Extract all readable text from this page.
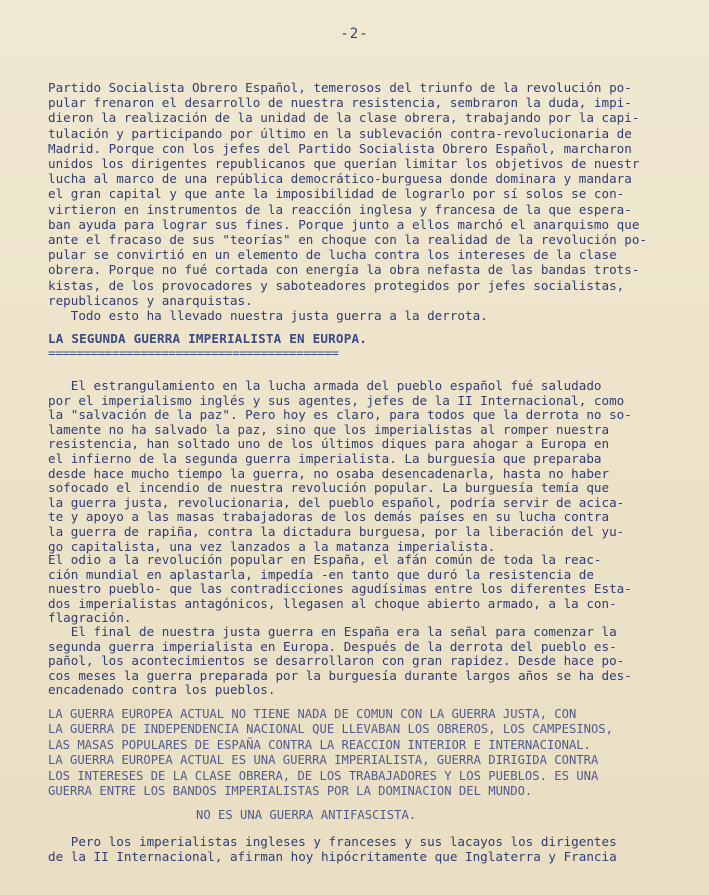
-2-
Partido Socialista Obrero Español, temerosos del triunfo de la revolución po-
pular frenaron el desarrollo de nuestra resistencia, sembraron la duda, impi-
dieron la realización de la unidad de la clase obrera, trabajando por la capi-
tulación y participando por último en la sublevación contra-revolucionaria de
Madrid. Porque con los jefes del Partido Socialista Obrero Español, marcharon
unidos los dirigentes republicanos que querían limitar los objetivos de nuestr
lucha al marco de una república democrático-burguesa donde dominara y mandara
el gran capital y que ante la imposibilidad de lograrlo por sí solos se con-
virtieron en instrumentos de la reacción inglesa y francesa de la que espera-
ban ayuda para lograr sus fines. Porque junto a ellos marchó el anarquismo que
ante el fracaso de sus "teorías" en choque con la realidad de la revolución po-
pular se convirtió en un elemento de lucha contra los intereses de la clase
obrera. Porque no fué cortada con energía la obra nefasta de las bandas trots-
kistas, de los provocadores y saboteadores protegidos por jefes socialistas,
republicanos y anarquistas.
Todo esto ha llevado nuestra justa guerra a la derrota.
LA SEGUNDA GUERRA IMPERIALISTA EN EUROPA.
=========================================
El estrangulamiento en la lucha armada del pueblo español fué saludado
por el imperialismo inglés y sus agentes, jefes de la II Internacional, como
la "salvación de la paz". Pero hoy es claro, para todos que la derrota no so-
lamente no ha salvado la paz, sino que los imperialistas al romper nuestra
resistencia, han soltado uno de los últimos diques para ahogar a Europa en
el infierno de la segunda guerra imperialista. La burguesía que preparaba
desde hace mucho tiempo la guerra, no osaba desencadenarla, hasta no haber
sofocado el incendio de nuestra revolución popular. La burguesía temía que
la guerra justa, revolucionaria, del pueblo español, podría servir de acica-
te y apoyo a las masas trabajadoras de los demás países en su lucha contra
la guerra de rapiña, contra la dictadura burguesa, por la liberación del yu-
go capitalista, una vez lanzados a la matanza imperialista.
El odio a la revolución popular en España, el afán común de toda la reac-
ción mundial en aplastarla, impedía -en tanto que duró la resistencia de
nuestro pueblo- que las contradicciones agudísimas entre los diferentes Esta-
dos imperialistas antagónicos, llegasen al choque abierto armado, a la con-
flagración.
El final de nuestra justa guerra en España era la señal para comenzar la
segunda guerra imperialista en Europa. Después de la derrota del pueblo es-
pañol, los acontecimientos se desarrollaron con gran rapidez. Desde hace po-
cos meses la guerra preparada por la burguesía durante largos años se ha des-
encadenado contra los pueblos.
LA GUERRA EUROPEA ACTUAL NO TIENE NADA DE COMUN CON LA GUERRA JUSTA, CON
LA GUERRA DE INDEPENDENCIA NACIONAL QUE LLEVABAN LOS OBREROS, LOS CAMPESINOS,
LAS MASAS POPULARES DE ESPAÑA CONTRA LA REACCION INTERIOR E INTERNACIONAL.
LA GUERRA EUROPEA ACTUAL ES UNA GUERRA IMPERIALISTA, GUERRA DIRIGIDA CONTRA
LOS INTERESES DE LA CLASE OBRERA, DE LOS TRABAJADORES Y LOS PUEBLOS. ES UNA
GUERRA ENTRE LOS BANDOS IMPERIALISTAS POR LA DOMINACION DEL MUNDO.
NO ES UNA GUERRA ANTIFASCISTA.
Pero los imperialistas ingleses y franceses y sus lacayos los dirigentes
de la II Internacional, afirman hoy hipócritamente que Inglaterra y Francia
